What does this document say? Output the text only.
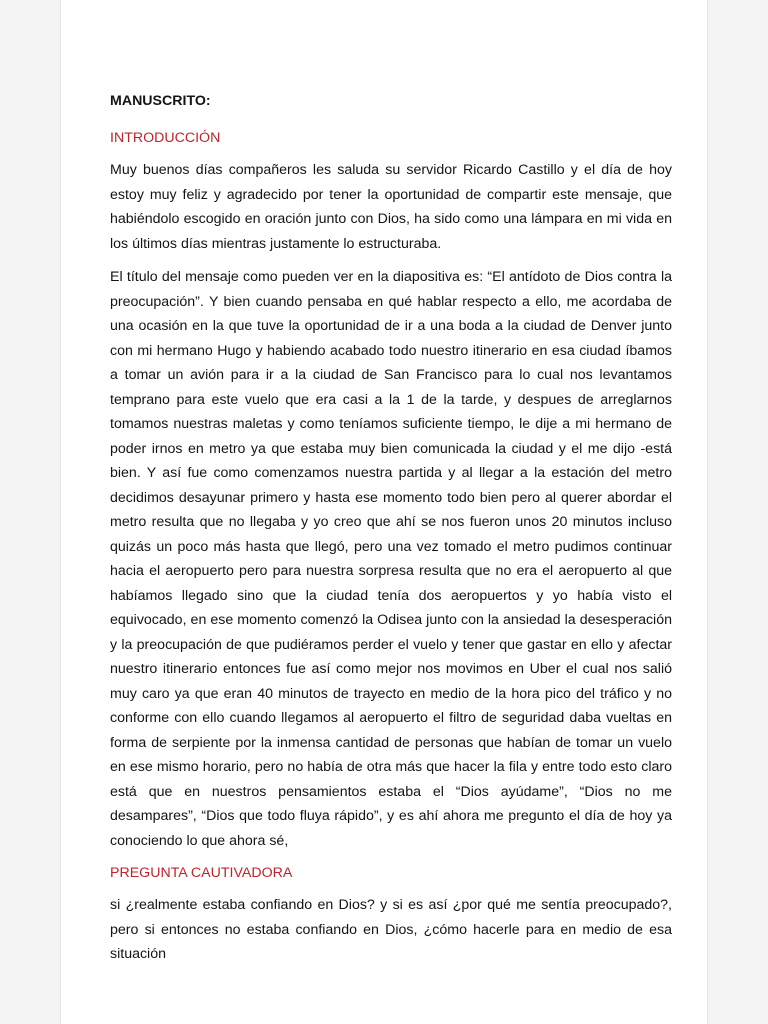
MANUSCRITO:

INTRODUCCIÓN

Muy buenos días compañeros les saluda su servidor Ricardo Castillo y el día de hoy estoy muy feliz y agradecido por tener la oportunidad de compartir este mensaje, que habiéndolo escogido en oración junto con Dios, ha sido como una lámpara en mi vida en los últimos días mientras justamente lo estructuraba.

El título del mensaje como pueden ver en la diapositiva es: “El antídoto de Dios contra la preocupación”. Y bien cuando pensaba en qué hablar respecto a ello, me acordaba de una ocasión en la que tuve la oportunidad de ir a una boda a la ciudad de Denver junto con mi hermano Hugo y habiendo acabado todo nuestro itinerario en esa ciudad íbamos a tomar un avión para ir a la ciudad de San Francisco para lo cual nos levantamos temprano para este vuelo que era casi a la 1 de la tarde, y despues de arreglarnos tomamos nuestras maletas y como teníamos suficiente tiempo, le dije a mi hermano de poder irnos en metro ya que estaba muy bien comunicada la ciudad y el me dijo -está bien. Y así fue como comenzamos nuestra partida y al llegar a la estación del metro decidimos desayunar primero y hasta ese momento todo bien pero al querer abordar el metro resulta que no llegaba y yo creo que ahí se nos fueron unos 20 minutos incluso quizás un poco más hasta que llegó, pero una vez tomado el metro pudimos continuar hacia el aeropuerto pero para nuestra sorpresa resulta que no era el aeropuerto al que habíamos llegado sino que la ciudad tenía dos aeropuertos y yo había visto el equivocado, en ese momento comenzó la Odisea junto con la ansiedad la desesperación y la preocupación de que pudiéramos perder el vuelo y tener que gastar en ello y afectar nuestro itinerario entonces fue así como mejor nos movimos en Uber el cual nos salió muy caro ya que eran 40 minutos de trayecto en medio de la hora pico del tráfico y no conforme con ello cuando llegamos al aeropuerto el filtro de seguridad daba vueltas en forma de serpiente por la inmensa cantidad de personas que habían de tomar un vuelo en ese mismo horario, pero no había de otra más que hacer la fila y entre todo esto claro está que en nuestros pensamientos estaba el “Dios ayúdame”, “Dios no me desampares”, “Dios que todo fluya rápido”, y es ahí ahora me pregunto el día de hoy ya conociendo lo que ahora sé,

PREGUNTA CAUTIVADORA

si ¿realmente estaba confiando en Dios? y si es así ¿por qué me sentía preocupado?, pero si entonces no estaba confiando en Dios, ¿cómo hacerle para en medio de esa situación
